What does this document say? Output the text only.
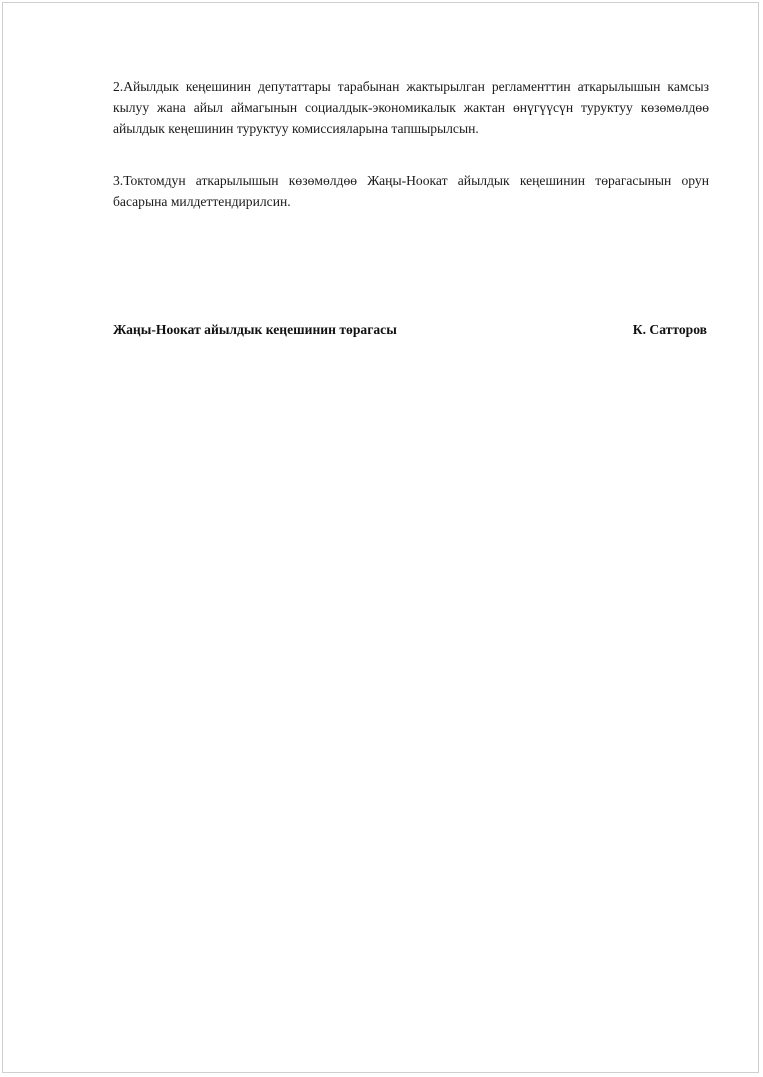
2.Айылдык кеңешинин депутаттары тарабынан жактырылган регламенттин аткарылышын камсыз кылуу жана айыл аймагынын социалдык-экономикалык жактан өнүгүүсүн туруктуу көзөмөлдөө айылдык кеңешинин туруктуу комиссияларына тапшырылсын.

3.Токтомдун аткарылышын көзөмөлдөө Жаңы-Ноокат айылдык кеңешинин төрагасынын орун басарына милдеттендирилсин.

Жаңы-Ноокат айылдык кеңешинин төрагасы	К. Сатторов
